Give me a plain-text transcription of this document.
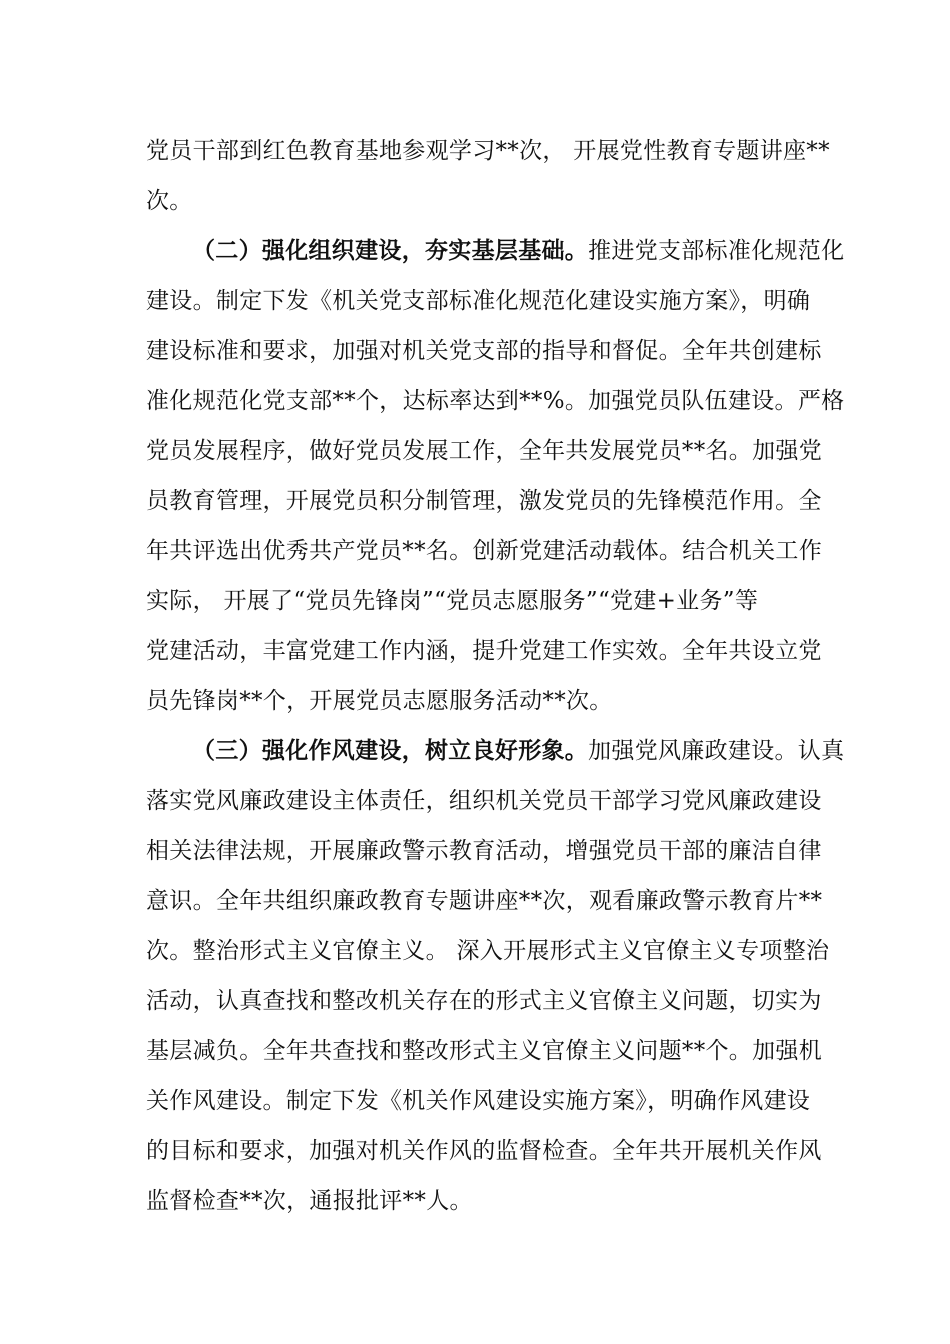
党员干部到红色教育基地参观学习**次， 开展党性教育专题讲座**
次。
（二）强化组织建设，夯实基层基础。推进党支部标准化规范化
建设。制定下发《机关党支部标准化规范化建设实施方案》，明确
建设标准和要求，加强对机关党支部的指导和督促。全年共创建标
准化规范化党支部**个，达标率达到**%。加强党员队伍建设。严格
党员发展程序，做好党员发展工作，全年共发展党员**名。加强党
员教育管理，开展党员积分制管理，激发党员的先锋模范作用。全
年共评选出优秀共产党员**名。创新党建活动载体。结合机关工作
实际， 开展了“党员先锋岗”“党员志愿服务”“党建+业务”等
党建活动，丰富党建工作内涵，提升党建工作实效。全年共设立党
员先锋岗**个，开展党员志愿服务活动**次。
（三）强化作风建设，树立良好形象。加强党风廉政建设。认真
落实党风廉政建设主体责任，组织机关党员干部学习党风廉政建设
相关法律法规，开展廉政警示教育活动，增强党员干部的廉洁自律
意识。全年共组织廉政教育专题讲座**次，观看廉政警示教育片**
次。整治形式主义官僚主义。 深入开展形式主义官僚主义专项整治
活动，认真查找和整改机关存在的形式主义官僚主义问题，切实为
基层减负。全年共查找和整改形式主义官僚主义问题**个。加强机
关作风建设。制定下发《机关作风建设实施方案》，明确作风建设
的目标和要求，加强对机关作风的监督检查。全年共开展机关作风
监督检查**次，通报批评**人。
